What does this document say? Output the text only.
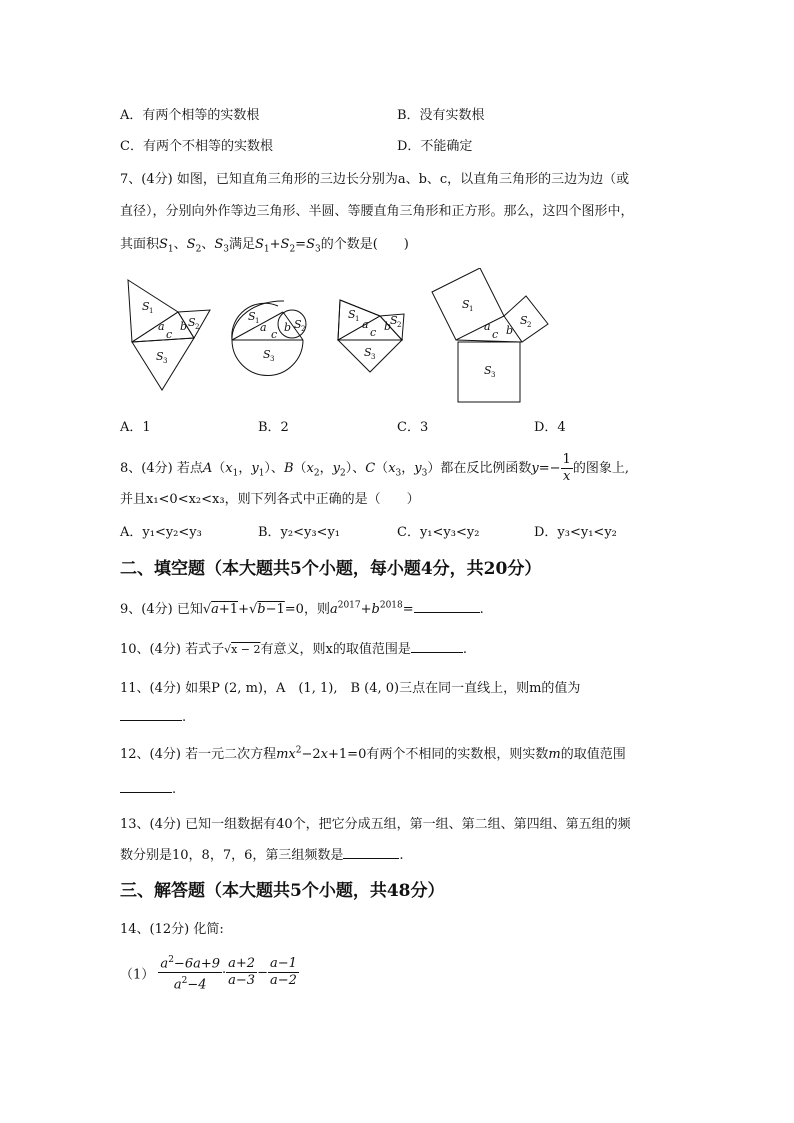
A．有两个相等的实数根	B．没有实数根
C．有两个不相等的实数根	D．不能确定
7、(4分) 如图，已知直角三角形的三边长分别为a、b、c，以直角三角形的三边为边（或
直径），分别向外作等边三角形、半圆、等腰直角三角形和正方形。那么，这四个图形中，
其面积$S_1$、$S_2$、$S_3$满足$S_1+S_2=S_3$的个数是(　　)
S 1
S 2
S 3
a
c
b
S 1	S 2
S 3
a
c
b
S 1	S 2
S 3
a
c b
S 1
S 2
S 3
a
c b
A．1	B．2	C．3	D．4
8、(4分) 若点$A(x_1$，$y_1$）、$B(x_2$，$y_2$）、$C(x_3$，$y_3$）都在反比例函数$y=- \frac{1}{x}$ 的图象上,
并且x₁<0<x₂<x₃，则下列各式中正确的是（　　）
A．y₁<y₂<y₃	B．y₂<y₃<y₁	C．y₁<y₃<y₂	D．y₃<y₁<y₂
二、填空题（本大题共5个小题，每小题4分，共20分）
9、(4分) 已知√a+1+√b−1=0，则$a^{2017}+b^{2018}=$	.
10、(4分) 若式子√x − 2有意义，则x的取值范围是	.
11、(4分) 如果P (2, m)，A　(1, 1),　B (4, 0)三点在同一直线上，则m的值为
.
12、(4分) 若一元二次方程$mx^2-2x+1=0$有两个不相同的实数根，则实数m的取值范围
.
13、(4分) 已知一组数据有40个，把它分成五组，第一组、第二组、第四组、第五组的频
数分别是10，8，7，6，第三组频数是	.
三、解答题（本大题共5个小题，共48分）
14、(12分) 化简:
$(1) \frac{a^2-6a+9}{a^2-4} \cdot \frac{a+2}{a-3} - \frac{a-1}{a-2}$
